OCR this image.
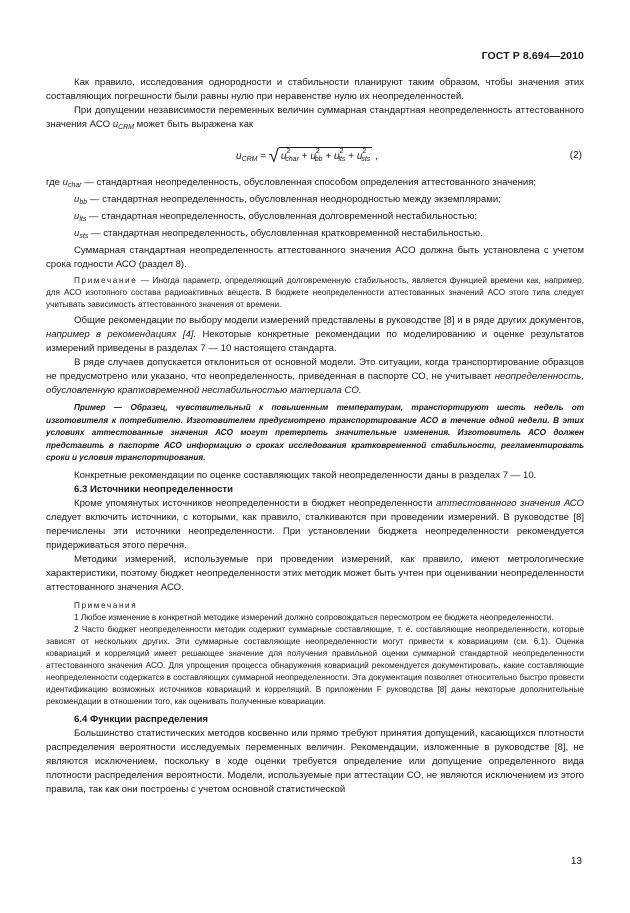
ГОСТ Р 8.694—2010

Как правило, исследования однородности и стабильности планируют таким образом, чтобы значения этих составляющих погрешности были равны нулю при неравенстве нулю их неопределенностей.

При допущении независимости переменных величин суммарная стандартная неопределенность аттестованного значения АСО $u_{CRM}$ может быть выражена как

$u_{CRM}$ = √ $u^2_{char} + u^2_{bb} + u^2_{lts} + u^2_{sts}$ ,	(2)

где $u_{char}$ — стандартная неопределенность, обусловленная способом определения аттестованного значения;

$u_{bb}$ — стандартная неопределенность, обусловленная неоднородностью между экземплярами;

$u_{lts}$ — стандартная неопределенность, обусловленная долговременной нестабильностью;

$u_{sts}$ — стандартная неопределенность, обусловленная кратковременной нестабильностью.

Суммарная стандартная неопределенность аттестованного значения АСО должна быть установлена с учетом срока годности АСО (раздел 8).

Примечание — Иногда параметр, определяющий долговременную стабильность, является функцией времени как, например, для АСО изотопного состава радиоактивных веществ. В бюджете неопределенности аттестованных значений АСО этого типа следует учитывать зависимость аттестованного значения от времени.

Общие рекомендации по выбору модели измерений представлены в руководстве [8] и в ряде других документов, например в рекомендациях [4]. Некоторые конкретные рекомендации по моделированию и оценке результатов измерений приведены в разделах 7 — 10 настоящего стандарта.

В ряде случаев допускается отклониться от основной модели. Это ситуации, когда транспортирование образцов не предусмотрено или указано, что неопределенность, приведенная в паспорте СО, не учитывает неопределенность, обусловленную кратковременной нестабильностью материала СО.

Пример — Образец, чувствительный к повышенным температурам, транспортируют шесть недель от изготовителя к потребителю. Изготовителем предусмотрено транспортирование АСО в течение одной недели. В этих условиях аттестованные значения АСО могут претерпеть значительные изменения. Изготовитель АСО должен представить в паспорте АСО информацию о сроках исследования кратковременной стабильности, регламентировать сроки и условия транспортирования.

Конкретные рекомендации по оценке составляющих такой неопределенности даны в разделах 7 — 10.

6.3 Источники неопределенности

Кроме упомянутых источников неопределенности в бюджет неопределенности аттестованного значения АСО следует включить источники, с которыми, как правило, сталкиваются при проведении измерений. В руководстве [8] перечислены эти источники неопределенности. При установлении бюджета неопределенности рекомендуется придерживаться этого перечня.

Методики измерений, используемые при проведении измерений, как правило, имеют метрологические характеристики, поэтому бюджет неопределенности этих методик может быть учтен при оценивании неопределенности аттестованного значения АСО.

Примечания

1 Любое изменение в конкретной методике измерений должно сопровождаться пересмотром ее бюджета неопределенности.

2 Часто бюджет неопределенности методик содержит суммарные составляющие, т. е. составляющие неопределенности, которые зависят от нескольких других. Эти суммарные составляющие неопределенности могут привести к ковариациям (см. 6.1). Оценка ковариаций и корреляций имеет решающее значение для получения правильной оценки суммарной стандартной неопределенности аттестованного значения АСО. Для упрощения процесса обнаружения ковариаций рекомендуется документировать, какие составляющие неопределенности содержатся в составляющих суммарной неопределенности. Эта документация позволяет относительно быстро провести идентификацию возможных источников ковариаций и корреляций. В приложении F руководства [8] даны некоторые дополнительные рекомендации в отношении того, как оценивать полученные ковариации.

6.4 Функции распределения

Большинство статистических методов косвенно или прямо требуют принятия допущений, касающихся плотности распределения вероятности исследуемых переменных величин. Рекомендации, изложенные в руководстве [8], не являются исключением, поскольку в ходе оценки требуется определение или допущение определенного вида плотности распределения вероятности. Модели, используемые при аттестации СО, не являются исключением из этого правила, так как они построены с учетом основной статистической

13
